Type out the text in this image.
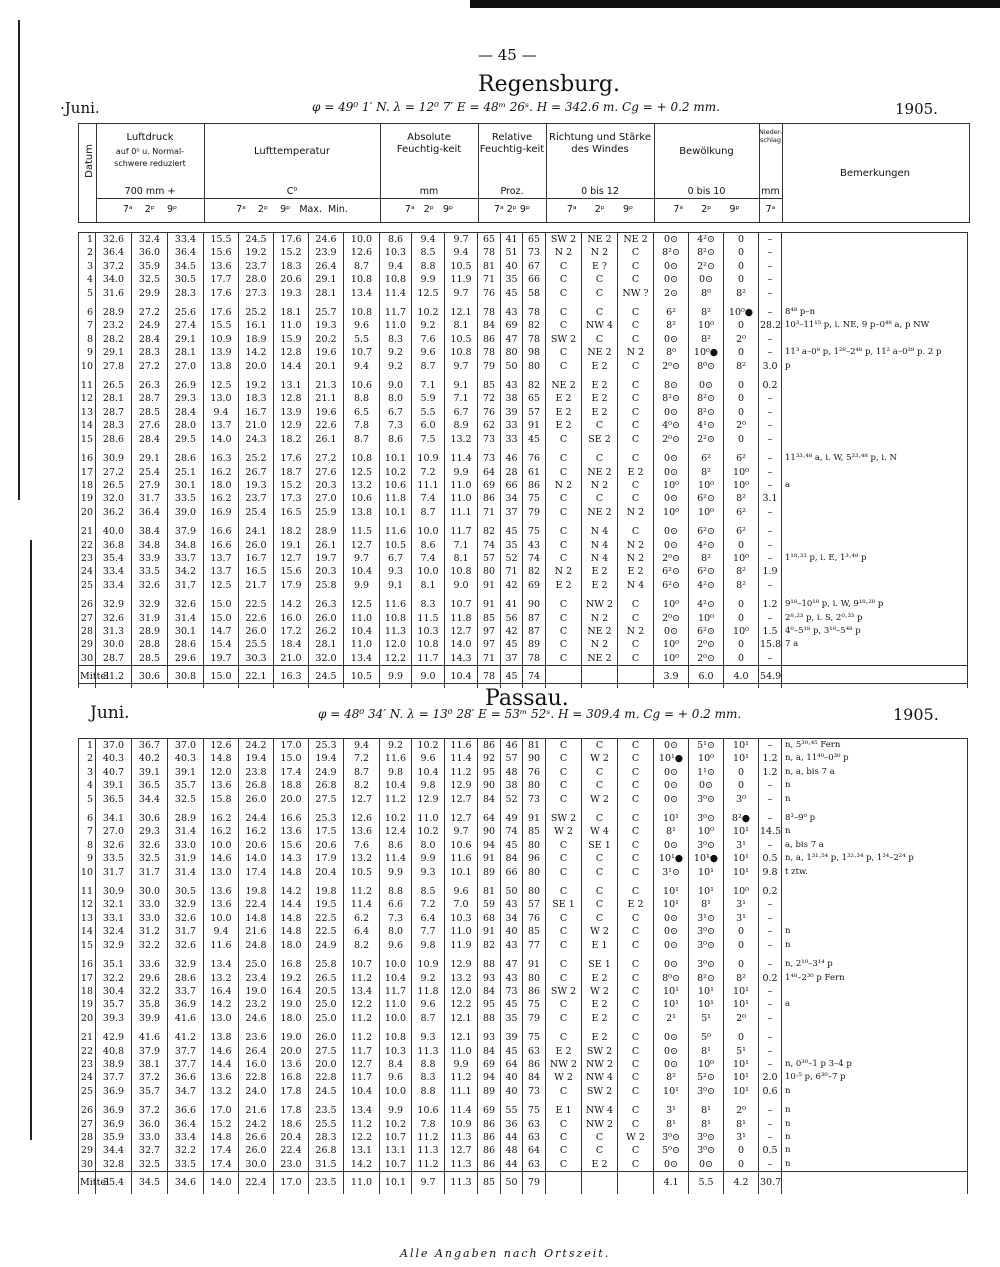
— 45 —
Regensburg.
·Juni.	φ = 49⁰ 1′ N. λ = 12⁰ 7′ E = 48ᵐ 26ˢ. H = 342.6 m. Cg = + 0.2 mm.	1905.
Datum
Luftdruck
auf 0⁰ u. Normal-schwere reduziert
700 mm +
7ᵃ 2ᵖ 9ᵖ
Lufttemperatur
C⁰
7ᵃ 2ᵖ 9ᵖ Max. Min.
Absolute Feuchtig-keit
mm
7ᵃ 2ᵖ 9ᵖ
Relative Feuchtig-keit
Proz.
7ᵃ 2ᵖ 9ᵖ
Richtung und Stärke des Windes
0 bis 12
7ᵃ 2ᵖ 9ᵖ
Bewölkung
0 bis 10
7ᵃ 2ᵖ 9ᵖ
Nieder-schlag
mm
7ᵃ
Bemerkungen
1	32.6	32.4	33.4	15.5	24.5	17.6	24.6	10.0	8.6	9.4	9.7	65	41	65	SW 2	NE 2	NE 2	0⊙	4²⊙	0	–	
2	36.4	36.0	36.4	15.6	19.2	15.2	23.9	12.6	10.3	8.5	9.4	78	51	73	N 2	N 2	C	8²⊙	8²⊙	0	–	
3	37.2	35.9	34.5	13.6	23.7	18.3	26.4	8.7	9.4	8.8	10.5	81	40	67	C	E ?	C	0⊙	2²⊙	0	–	
4	34.0	32.5	30.5	17.7	28.0	20.6	29.1	10.8	10.8	9.9	11.9	71	35	66	C	C	C	0⊙	0⊙	0	–	
5	31.6	29.9	28.3	17.6	27.3	19.3	28.1	13.4	11.4	12.5	9.7	76	45	58	C	C	NW ?	2⊙	8⁰	8²	–	
6	28.9	27.2	25.6	17.6	25.2	18.1	25.7	10.8	11.7	10.2	12.1	78	43	78	C	C	C	6²	8²	10⁰●	–	8⁴⁸ p–n
7	23.2	24.9	27.4	15.5	16.1	11.0	19.3	9.6	11.0	9.2	8.1	84	69	82	C	NW 4	C	8²	10⁰	0	28.2	10³–11¹⁵ p, i. NE, 9 p–0⁴⁸ a, p NW
8	28.2	28.4	29.1	10.9	18.9	15.9	20.2	5.5	8.3	7.6	10.5	86	47	78	SW 2	C	C	0⊙	8²	2⁰	–	
9	29.1	28.3	28.1	13.9	14.2	12.8	19.6	10.7	9.2	9.6	10.8	78	80	98	C	NE 2	N 2	8⁰	10⁰●	0	–	11³ a–0⁸ p, 1²⁸–2⁴⁸ p, 11² a–0²⁸ p. 2 p
10	27.8	27.2	27.0	13.8	20.0	14.4	20.1	9.4	9.2	8.7	9.7	79	50	80	C	E 2	C	2⁰⊙	8⁰⊙	8²	3.0	p
11	26.5	26.3	26.9	12.5	19.2	13.1	21.3	10.6	9.0	7.1	9.1	85	43	82	NE 2	E 2	C	8⊙	0⊙	0	0.2	
12	28.1	28.7	29.3	13.0	18.3	12.8	21.1	8.8	8.0	5.9	7.1	72	38	65	E 2	E 2	C	8²⊙	8²⊙	0	–	
13	28.7	28.5	28.4	9.4	16.7	13.9	19.6	6.5	6.7	5.5	6.7	76	39	57	E 2	E 2	C	0⊙	8²⊙	0	–	
14	28.3	27.6	28.0	13.7	21.0	12.9	22.6	7.8	7.3	6.0	8.9	62	33	91	E 2	C	C	4⁰⊙	4¹⊙	2⁰	–	
15	28.6	28.4	29.5	14.0	24.3	18.2	26.1	8.7	8.6	7.5	13.2	73	33	45	C	SE 2	C	2⁰⊙	2²⊙	0	–	
16	30.9	29.1	28.6	16.3	25.2	17.6	27.2	10.8	10.1	10.9	11.4	73	46	76	C	C	C	0⊙	6²	6²	–	11³³·⁴⁸ a, i. W, 5³³·⁴⁸ p, i. N
17	27.2	25.4	25.1	16.2	26.7	18.7	27.6	12.5	10.2	7.2	9.9	64	28	61	C	NE 2	E 2	0⊙	8²	10⁰	–	
18	26.5	27.9	30.1	18.0	19.3	15.2	20.3	13.2	10.6	11.1	11.0	69	66	86	N 2	N 2	C	10⁰	10⁰	10⁰	–	a
19	32.0	31.7	33.5	16.2	23.7	17.3	27.0	10.6	11.8	7.4	11.0	86	34	75	C	C	C	0⊙	6²⊙	8²	3.1	
20	36.2	36.4	39.0	16.9	25.4	16.5	25.9	13.8	10.1	8.7	11.1	71	37	79	C	NE 2	N 2	10⁰	10⁰	6²	–	
21	40.0	38.4	37.9	16.6	24.1	18.2	28.9	11.5	11.6	10.0	11.7	82	45	75	C	N 4	C	0⊙	6²⊙	6²	–	
22	36.8	34.8	34.8	16.6	26.0	19.1	26.1	12.7	10.5	8.6	7.1	74	35	43	C	N 4	N 2	0⊙	4²⊙	0	–	
23	35.4	33.9	33.7	13.7	16.7	12.7	19.7	9.7	6.7	7.4	8.1	57	52	74	C	N 4	N 2	2⁰⊙	8²	10⁰	–	1¹⁸·³³ p, i. E, 1³·⁴⁸ p
24	33.4	33.5	34.2	13.7	16.5	15.6	20.3	10.4	9.3	10.0	10.8	80	71	82	N 2	E 2	E 2	6²⊙	6²⊙	8²	1.9	
25	33.4	32.6	31.7	12.5	21.7	17.9	25.8	9.9	9.1	8.1	9.0	91	42	69	E 2	E 2	N 4	6²⊙	4²⊙	8²	–	
26	32.9	32.9	32.6	15.0	22.5	14.2	26.3	12.5	11.6	8.3	10.7	91	41	90	C	NW 2	C	10⁰	4²⊙	0	1.2	9¹⁸–10¹⁸ p, i. W, 9¹⁸·²⁸ p
27	32.6	31.9	31.4	15.0	22.6	16.0	26.0	11.0	10.8	11.5	11.8	85	56	87	C	N 2	C	2⁰⊙	10⁰	0	–	2⁸·²³ p, i. S, 2⁰·³³ p
28	31.3	28.9	30.1	14.7	26.0	17.2	26.2	10.4	11.3	10.3	12.7	97	42	87	C	NE 2	N 2	0⊙	6²⊙	10⁰	1.5	4⁰–5¹⁸ p, 3¹⁸–5⁴⁸ p
29	30.0	28.8	28.6	15.4	25.5	18.4	28.1	11.0	12.0	10.8	14.0	97	45	89	C	N 2	C	10⁰	2⁰⊙	0	15.8	7 a
30	28.7	28.5	29.6	19.7	30.3	21.0	32.0	13.4	12.2	11.7	14.3	71	37	78	C	NE 2	C	10⁰	2⁰⊙	0	–	
Mittel	31.2	30.6	30.8	15.0	22.1	16.3	24.5	10.5	9.9	9.0	10.4	78	45	74				3.9	6.0	4.0	54.9	
Passau.
Juni.	φ = 48⁰ 34′ N. λ = 13⁰ 28′ E = 53ᵐ 52ˢ. H = 309.4 m. Cg = + 0.2 mm.	1905.
1	37.0	36.7	37.0	12.6	24.2	17.0	25.3	9.4	9.2	10.2	11.6	86	46	81	C	C	C	0⊙	5¹⊙	10¹	–	n, 5³⁰·⁴⁵ Fern
2	40.3	40.2	40.3	14.8	19.4	15.0	19.4	7.2	11.6	9.6	11.4	92	57	90	C	W 2	C	10¹●	10⁰	10¹	1.2	n, a, 11⁴⁰–0³⁰ p
3	40.7	39.1	39.1	12.0	23.8	17.4	24.9	8.7	9.8	10.4	11.2	95	48	76	C	C	C	0⊙	1¹⊙	0	1.2	n, a, bis 7 a
4	39.1	36.5	35.7	13.6	26.8	18.8	26.8	8.2	10.4	9.8	12.9	90	38	80	C	C	C	0⊙	0⊙	0	–	n
5	36.5	34.4	32.5	15.8	26.0	20.0	27.5	12.7	11.2	12.9	12.7	84	52	73	C	W 2	C	0⊙	3⁰⊙	3⁰	–	n
6	34.1	30.6	28.9	16.2	24.4	16.6	25.3	12.6	10.2	11.0	12.7	64	49	91	SW 2	C	C	10¹	3⁰⊙	8²●	–	8³–9⁰ p
7	27.0	29.3	31.4	16.2	16.2	13.6	17.5	13.6	12.4	10.2	9.7	90	74	85	W 2	W 4	C	8¹	10⁰	10¹	14.5	n
8	32.6	32.6	33.0	10.0	20.6	15.6	20.6	7.6	8.6	8.0	10.6	94	45	80	C	SE 1	C	0⊙	3⁰⊙	3¹	–	a, bis 7 a
9	33.5	32.5	31.9	14.6	14.0	14.3	17.9	13.2	11.4	9.9	11.6	91	84	96	C	C	C	10¹●	10¹●	10¹	0.5	n, a, 1³¹·⁵⁴ p, 1³²·³⁴ p, 1³⁴–2²⁴ p
10	31.7	31.7	31.4	13.0	17.4	14.8	20.4	10.5	9.9	9.3	10.1	89	66	80	C	C	C	3¹⊙	10¹	10¹	9.8	t ztw.
11	30.9	30.0	30.5	13.6	19.8	14.2	19.8	11.2	8.8	8.5	9.6	81	50	80	C	C	C	10¹	10¹	10⁰	0.2	
12	32.1	33.0	32.9	13.6	22.4	14.4	19.5	11.4	6.6	7.2	7.0	59	43	57	SE 1	C	E 2	10¹	8¹	3¹	–	
13	33.1	33.0	32.6	10.0	14.8	14.8	22.5	6.2	7.3	6.4	10.3	68	34	76	C	C	C	0⊙	3¹⊙	3¹	–	
14	32.4	31.2	31.7	9.4	21.6	14.8	22.5	6.4	8.0	7.7	11.0	91	40	85	C	W 2	C	0⊙	3⁰⊙	0	–	n
15	32.9	32.2	32.6	11.6	24.8	18.0	24.9	8.2	9.6	9.8	11.9	82	43	77	C	E 1	C	0⊙	3⁰⊙	0	–	n
16	35.1	33.6	32.9	13.4	25.0	16.8	25.8	10.7	10.0	10.9	12.9	88	47	91	C	SE 1	C	0⊙	3⁰⊙	0	–	n, 2¹⁰–3¹⁴ p
17	32.2	29.6	28.6	13.2	23.4	19.2	26.5	11.2	10.4	9.2	13.2	93	43	80	C	E 2	C	8⁰⊙	8²⊙	8²	0.2	1⁴⁸–2³⁰ p Fern
18	30.4	32.2	33.7	16.4	19.0	16.4	20.5	13.4	11.7	11.8	12.0	84	73	86	SW 2	W 2	C	10¹	10¹	10¹	–	
19	35.7	35.8	36.9	14.2	23.2	19.0	25.0	12.2	11.0	9.6	12.2	95	45	75	C	E 2	C	10¹	10¹	10¹	–	a
20	39.3	39.9	41.6	13.0	24.6	18.0	25.0	11.2	10.0	8.7	12.1	88	35	79	C	E 2	C	2¹	5¹	2⁰	–	
21	42.9	41.6	41.2	13.8	23.6	19.0	26.0	11.2	10.8	9.3	12.1	93	39	75	C	E 2	C	0⊙	5⁰	0	–	
22	40.8	37.9	37.7	14.6	26.4	20.0	27.5	11.7	10.3	11.3	11.0	84	45	63	E 2	SW 2	C	0⊙	8¹	5¹	–	
23	38.9	38.1	37.7	14.4	16.0	13.6	20.0	12.7	8.4	8.8	9.9	69	64	86	NW 2	NW 2	C	0⊙	10⁰	10¹	–	n, 0³⁰–1 p 3–4 p
24	37.7	37.2	36.6	13.6	22.8	16.8	22.8	11.7	9.6	8.3	11.2	94	40	84	W 2	NW 4	C	8²	5²⊙	10¹	2.0	10·⁵ p, 6³⁰–7 p
25	36.9	35.7	34.7	13.2	24.0	17.8	24.5	10.4	10.0	8.8	11.1	89	40	73	C	SW 2	C	10¹	3⁰⊙	10¹	0.6	n
26	36.9	37.2	36.6	17.0	21.6	17.8	23.5	13.4	9.9	10.6	11.4	69	55	75	E 1	NW 4	C	3¹	8¹	2⁰	–	n
27	36.9	36.0	36.4	15.2	24.2	18.6	25.5	11.2	10.2	7.8	10.9	86	36	63	C	NW 2	C	8¹	8¹	8¹	–	n
28	35.9	33.0	33.4	14.8	26.6	20.4	28.3	12.2	10.7	11.2	11.3	86	44	63	C	C	W 2	3⁰⊙	3⁰⊙	3¹	–	n
29	34.4	32.7	32.2	17.4	26.0	22.4	26.8	13.1	13.1	11.3	12.7	86	48	64	C	C	C	5⁰⊙	3⁰⊙	0	0.5	n
30	32.8	32.5	33.5	17.4	30.0	23.0	31.5	14.2	10.7	11.2	11.3	86	44	63	C	E 2	C	0⊙	0⊙	0	–	n
Mittel	35.4	34.5	34.6	14.0	22.4	17.0	23.5	11.0	10.1	9.7	11.3	85	50	79				4.1	5.5	4.2	30.7	
Alle Angaben nach Ortszeit.
